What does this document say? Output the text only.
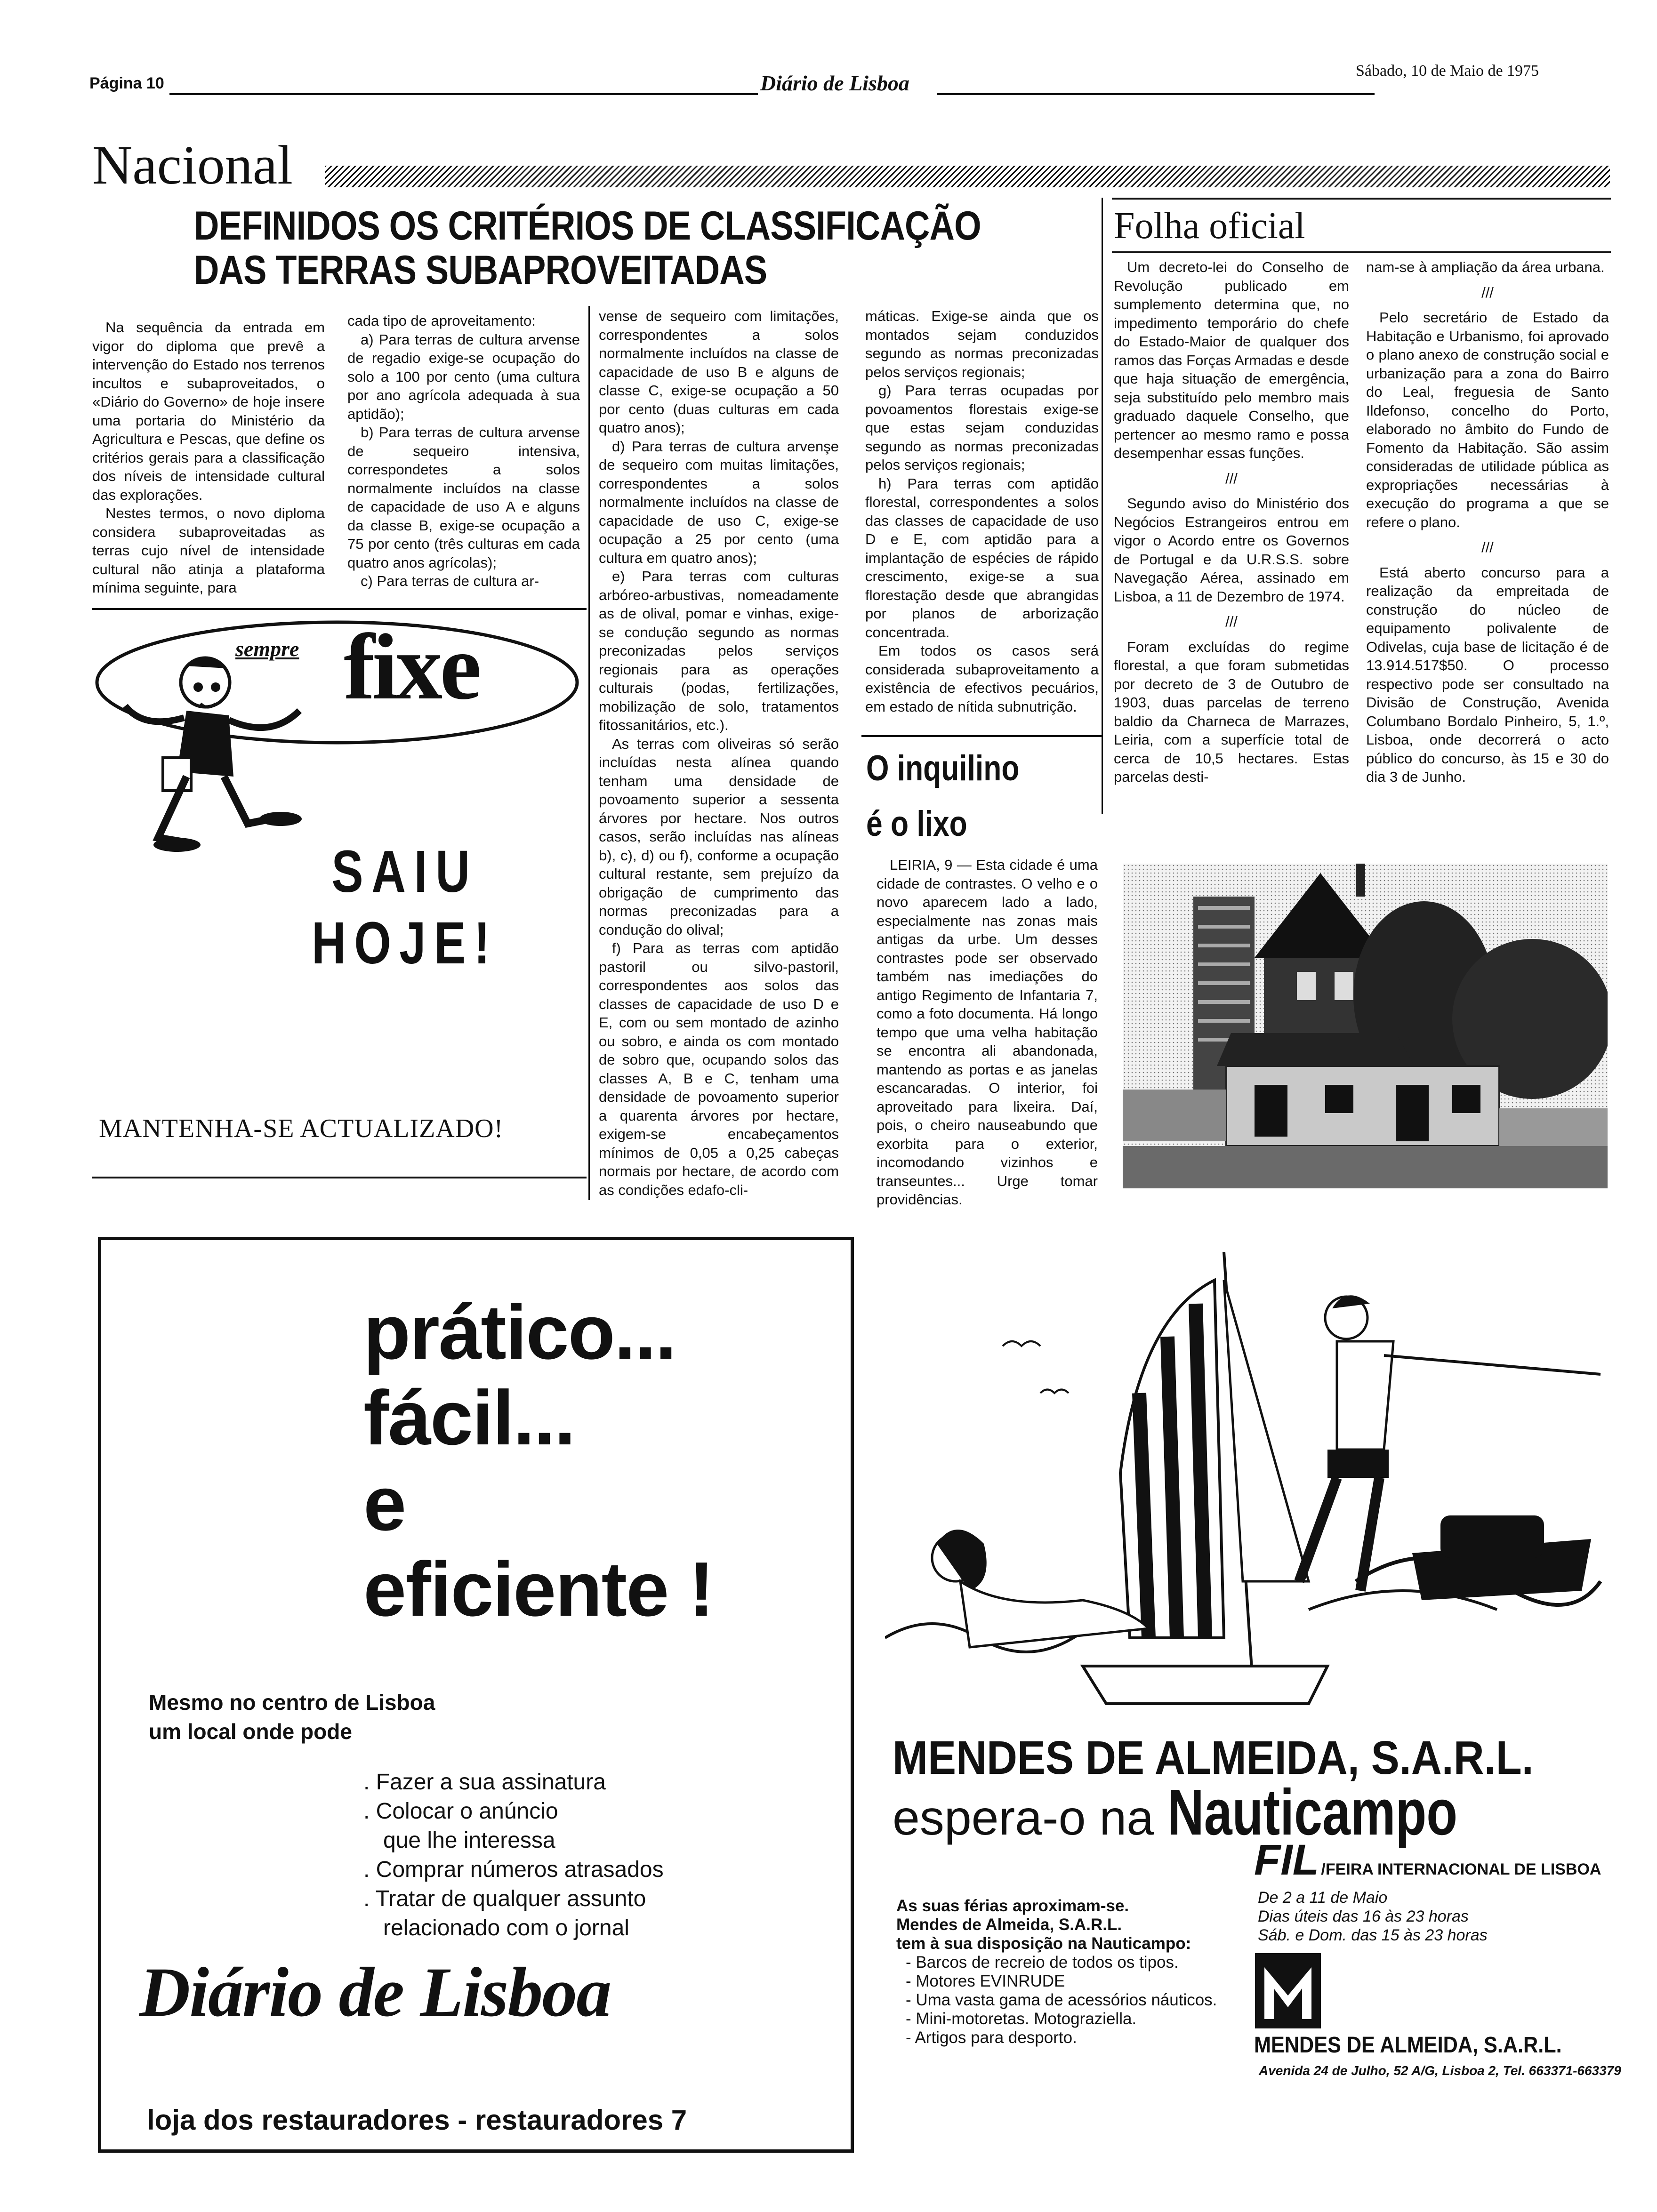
Página 10	Diário de Lisboa
Sábado, 10 de Maio de 1975
Nacional
DEFINIDOS OS CRITÉRIOS DE CLASSIFICAÇÃO
DAS TERRAS SUBAPROVEITADAS

Na sequência da entrada em vigor do diploma que prevê a intervenção do Estado nos terrenos incultos e subaproveitados, o «Diário do Governo» de hoje insere uma portaria do Ministério da Agricultura e Pescas, que define os critérios gerais para a classificação dos níveis de intensidade cultural das explorações.

Nestes termos, o novo diploma considera subaproveitadas as terras cujo nível de intensidade cultural não atinja a plataforma mínima seguinte, para

cada tipo de aproveitamento:

a) Para terras de cultura arvense de regadio exige-se ocupação do solo a 100 por cento (uma cultura por ano agrícola adequada à sua aptidão);

b) Para terras de cultura arvense de sequeiro intensiva, correspondetes a solos normalmente incluídos na classe de capacidade de uso A e alguns da classe B, exige-se ocupação a 75 por cento (três culturas em cada quatro anos agrícolas);

c) Para terras de cultura ar-

vense de sequeiro com limitações, correspondentes a solos normalmente incluídos na classe de capacidade de uso B e alguns de classe C, exige-se ocupação a 50 por cento (duas culturas em cada quatro anos);

d) Para terras de cultura arvenşe de sequeiro com muitas limitações, correspondentes a solos normalmente incluídos na classe de capacidade de uso C, exige-se ocupação a 25 por cento (uma cultura em quatro anos);

e) Para terras com culturas arbóreo-arbustivas, nomeadamente as de olival, pomar e vinhas, exige-se condução segundo as normas preconizadas pelos serviços regionais para as operações culturais (podas, fertilizações, mobilização de solo, tratamentos fitossanitários, etc.).

As terras com oliveiras só serão incluídas nesta alínea quando tenham uma densidade de povoamento superior a sessenta árvores por hectare. Nos outros casos, serão incluídas nas alíneas b), c), d) ou f), conforme a ocupação cultural restante, sem prejuízo da obrigação de cumprimento das normas preconizadas para a condução do olival;

f) Para as terras com aptidão pastoril ou silvo-pastoril, correspondentes aos solos das classes de capacidade de uso D e E, com ou sem montado de azinho ou sobro, e ainda os com montado de sobro que, ocupando solos das classes A, B e C, tenham uma densidade de povoamento superior a quarenta árvores por hectare, exigem-se encabeçamentos mínimos de 0,05 a 0,25 cabeças normais por hectare, de acordo com as condições edafo-cli-

máticas. Exige-se ainda que os montados sejam conduzidos segundo as normas preconizadas pelos serviços regionais;

g) Para terras ocupadas por povoamentos florestais exige-se que estas sejam conduzidas segundo as normas preconizadas pelos serviços regionais;

h) Para terras com aptidão florestal, correspondentes a solos das classes de capacidade de uso D e E, com aptidão para a implantação de espécies de rápido crescimento, exige-se a sua florestação desde que abrangidas por planos de arborização concentrada.

Em todos os casos será considerada subaproveitamento a existência de efectivos pecuários, em estado de nítida subnutrição.

O inquilino
é o lixo

LEIRIA, 9 — Esta cidade é uma cidade de contrastes. O velho e o novo aparecem lado a lado, especialmente nas zonas mais antigas da urbe. Um desses contrastes pode ser observado também nas imediações do antigo Regimento de Infantaria 7, como a foto documenta. Há longo tempo que uma velha habitação se encontra ali abandonada, mantendo as portas e as janelas escancaradas. O interior, foi aproveitado para lixeira. Daí, pois, o cheiro nauseabundo que exorbita para o exterior, incomodando vizinhos e transeuntes... Urge tomar providências.

Folha oficial

Um decreto-lei do Conselho de Revolução publicado em sumplemento determina que, no impedimento temporário do chefe do Estado-Maior de qualquer dos ramos das Forças Armadas e desde que haja situação de emergência, seja substituído pelo membro mais graduado daquele Conselho, que pertencer ao mesmo ramo e possa desempenhar essas funções.

///

Segundo aviso do Ministério dos Negócios Estrangeiros entrou em vigor o Acordo entre os Governos de Portugal e da U.R.S.S. sobre Navegação Aérea, assinado em Lisboa, a 11 de Dezembro de 1974.

///

Foram excluídas do regime florestal, a que foram submetidas por decreto de 3 de Outubro de 1903, duas parcelas de terreno baldio da Charneca de Marrazes, Leiria, com a superfície total de cerca de 10,5 hectares. Estas parcelas desti-

nam-se à ampliação da área urbana.

///

Pelo secretário de Estado da Habitação e Urbanismo, foi aprovado o plano anexo de construção social e urbanização para a zona do Bairro do Leal, freguesia de Santo Ildefonso, concelho do Porto, elaborado no âmbito do Fundo de Fomento da Habitação. São assim consideradas de utilidade pública as expropriações necessárias à execução do programa a que se refere o plano.

///

Está aberto concurso para a realização da empreitada de construção do núcleo de equipamento polivalente de Odivelas, cuja base de licitação é de 13.914.517$50. O processo respectivo pode ser consultado na Divisão de Construção, Avenida Columbano Bordalo Pinheiro, 5, 1.º, Lisboa, onde decorrerá o acto público do concurso, às 15 e 30 do dia 3 de Junho.

sempre fixe
SAIU
HOJE!
MANTENHA-SE ACTUALIZADO!
prático...
fácil...
e
eficiente !
Mesmo no centro de Lisboa
um local onde pode
. Fazer a sua assinatura
. Colocar o anúncio
que lhe interessa
. Comprar números atrasados
. Tratar de qualquer assunto
relacionado com o jornal
Diário de Lisboa
loja dos restauradores - restauradores 7
MENDES DE ALMEIDA, S.A.R.L.
espera-o na Nauticampo
As suas férias aproximam-se.
Mendes de Almeida, S.A.R.L.
tem à sua disposição na Nauticampo:
- Barcos de recreio de todos os tipos.
- Motores EVINRUDE
- Uma vasta gama de acessórios náuticos.
- Mini-motoretas. Motograziella.
- Artigos para desporto.
FIL /FEIRA INTERNACIONAL DE LISBOA
De 2 a 11 de Maio
Dias úteis das 16 às 23 horas
Sáb. e Dom. das 15 às 23 horas
MENDES DE ALMEIDA, S.A.R.L.
Avenida 24 de Julho, 52 A/G, Lisboa 2, Tel. 663371-663379
